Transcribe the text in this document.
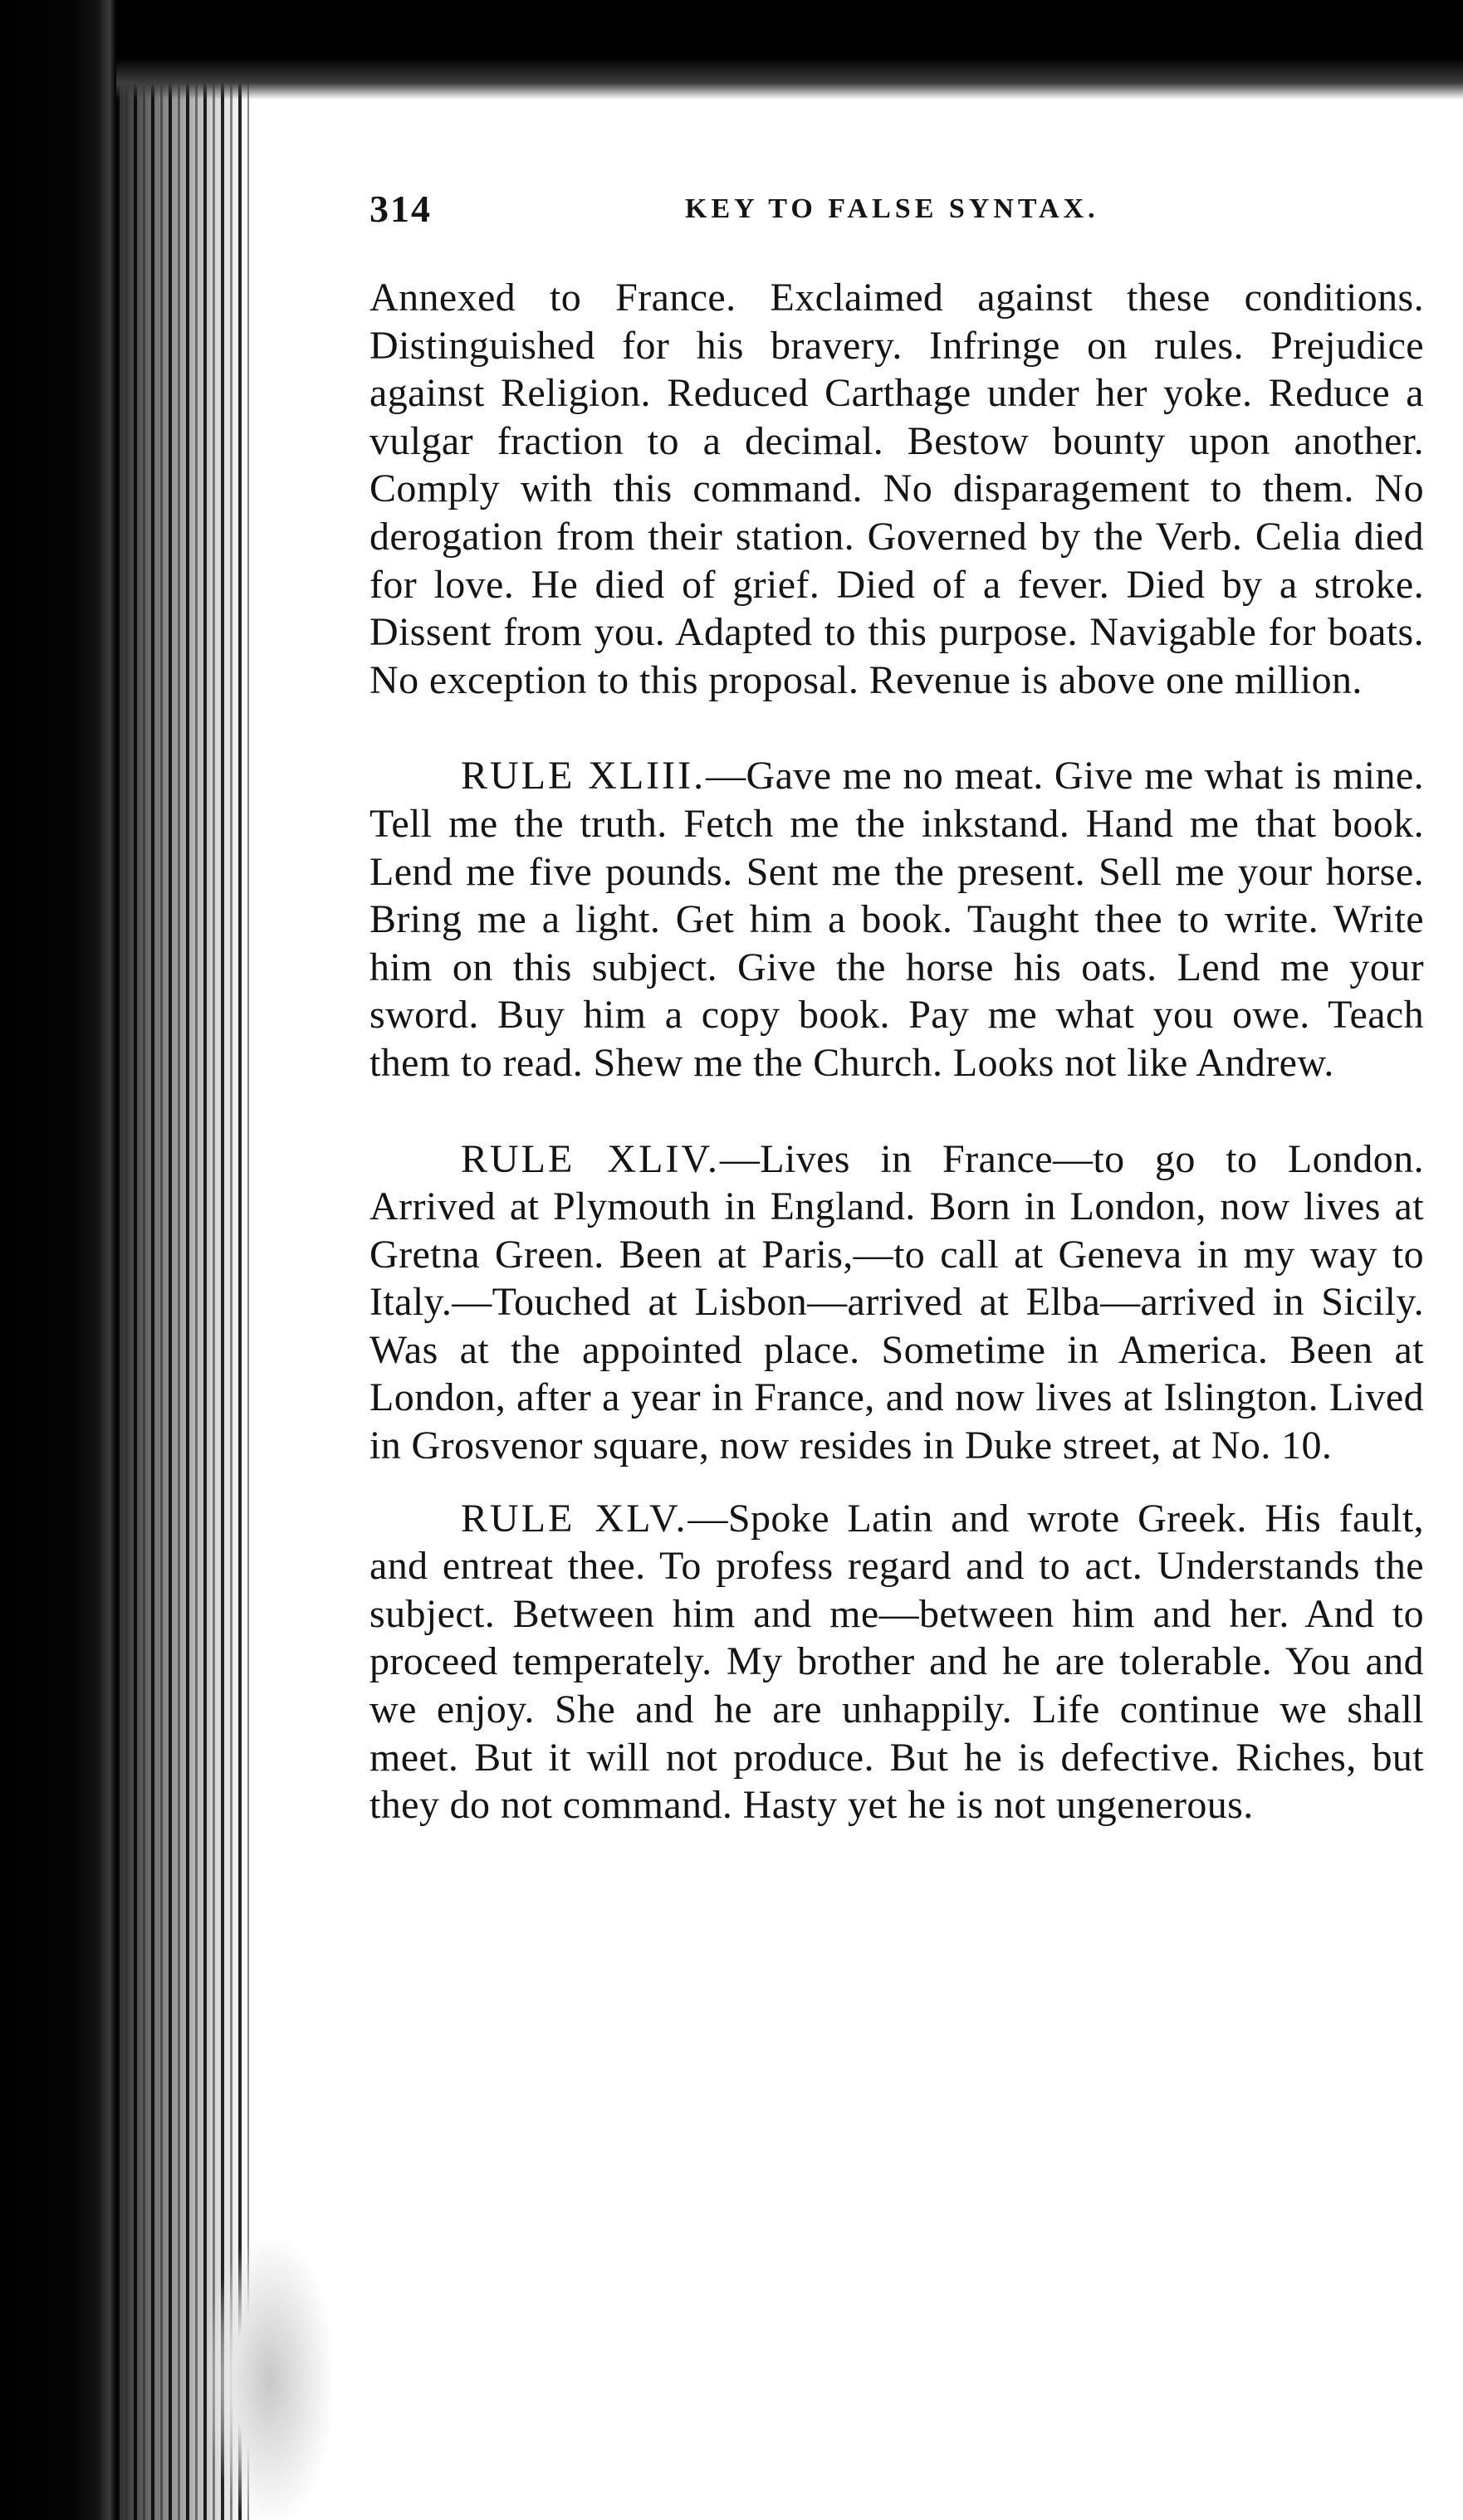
314	KEY TO FALSE SYNTAX.

Annexed to France. Exclaimed against these conditions. Distinguished for his bravery. Infringe on rules. Prejudice against Religion. Reduced Carthage under her yoke. Reduce a vulgar fraction to a decimal. Bestow bounty upon another. Comply with this command. No disparagement to them. No derogation from their station. Governed by the Verb. Celia died for love. He died of grief. Died of a fever. Died by a stroke. Dissent from you. Adapted to this purpose. Navigable for boats. No exception to this proposal. Revenue is above one million.

RULE XLIII.—Gave me no meat. Give me what is mine. Tell me the truth. Fetch me the inkstand. Hand me that book. Lend me five pounds. Sent me the present. Sell me your horse. Bring me a light. Get him a book. Taught thee to write. Write him on this subject. Give the horse his oats. Lend me your sword. Buy him a copy book. Pay me what you owe. Teach them to read. Shew me the Church. Looks not like Andrew.

RULE XLIV.—Lives in France—to go to London. Arrived at Plymouth in England. Born in London, now lives at Gretna Green. Been at Paris,—to call at Geneva in my way to Italy.—Touched at Lisbon—arrived at Elba—arrived in Sicily. Was at the appointed place. Sometime in America. Been at London, after a year in France, and now lives at Islington. Lived in Grosvenor square, now resides in Duke street, at No. 10.

RULE XLV.—Spoke Latin and wrote Greek. His fault, and entreat thee. To profess regard and to act. Understands the subject. Between him and me—between him and her. And to proceed temperately. My brother and he are tolerable. You and we enjoy. She and he are unhappily. Life continue we shall meet. But it will not produce. But he is defective. Riches, but they do not command. Hasty yet he is not ungenerous.
